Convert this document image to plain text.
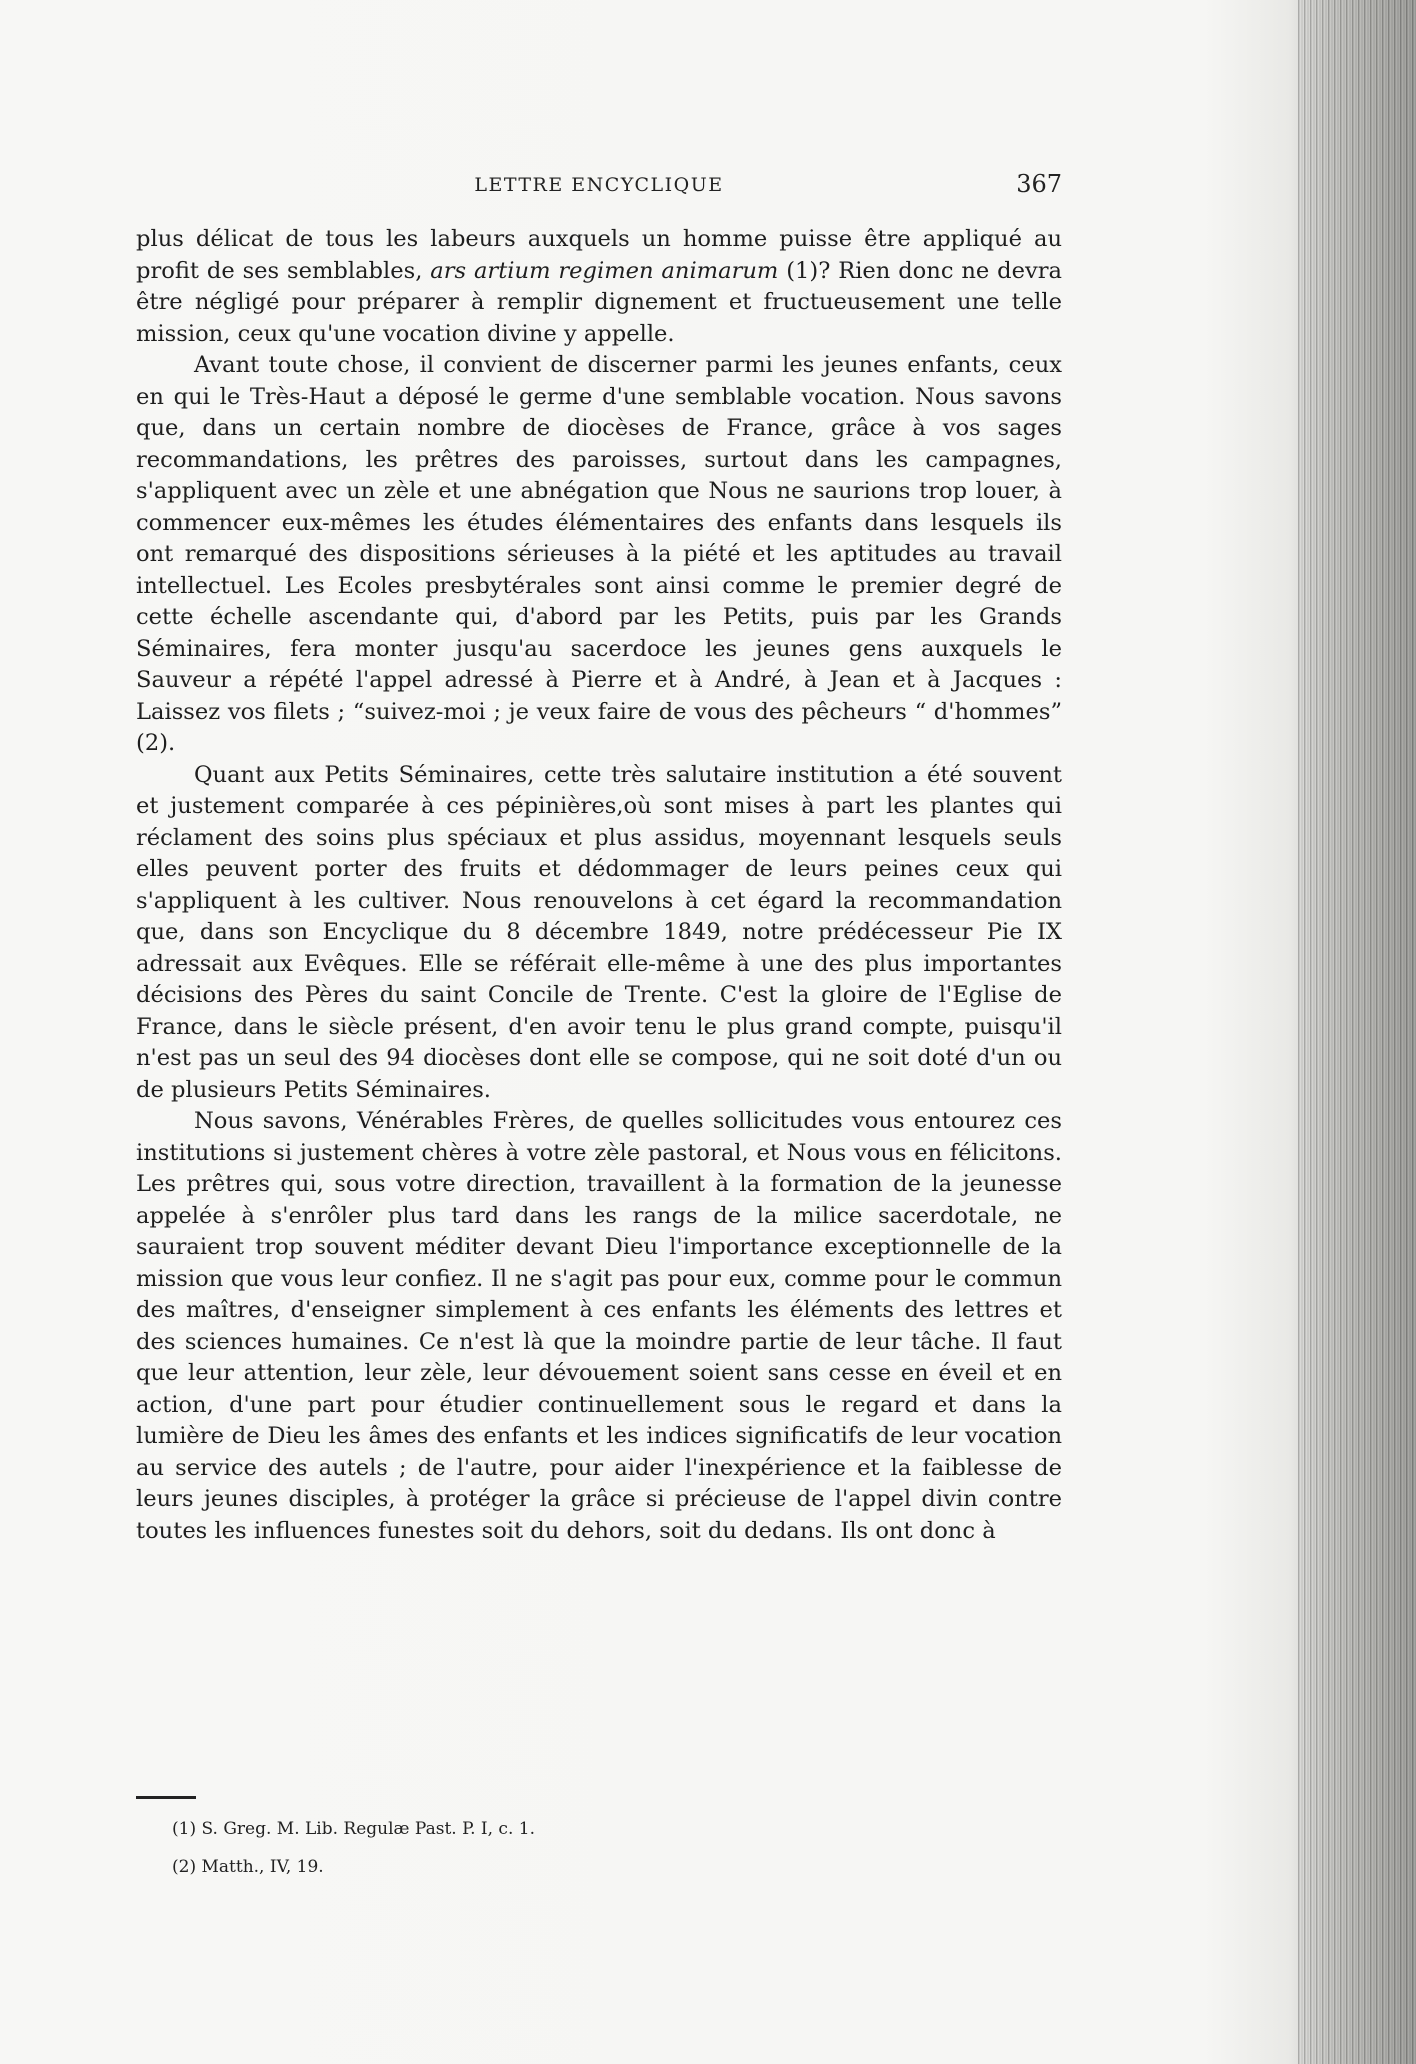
LETTRE ENCYCLIQUE	367

plus délicat de tous les labeurs auxquels un homme puisse être appliqué au profit de ses semblables, ars artium regimen animarum (1)? Rien donc ne devra être négligé pour préparer à remplir dignement et fructueusement une telle mission, ceux qu'une vocation divine y appelle.

Avant toute chose, il convient de discerner parmi les jeunes enfants, ceux en qui le Très-Haut a déposé le germe d'une semblable vocation. Nous savons que, dans un certain nombre de diocèses de France, grâce à vos sages recommandations, les prêtres des paroisses, surtout dans les campagnes, s'appliquent avec un zèle et une abnégation que Nous ne saurions trop louer, à commencer eux-mêmes les études élémentaires des enfants dans lesquels ils ont remarqué des dispositions sérieuses à la piété et les aptitudes au travail intellectuel. Les Ecoles presbytérales sont ainsi comme le premier degré de cette échelle ascendante qui, d'abord par les Petits, puis par les Grands Séminaires, fera monter jusqu'au sacerdoce les jeunes gens auxquels le Sauveur a répété l'appel adressé à Pierre et à André, à Jean et à Jacques : Laissez vos filets ; “suivez-moi ; je veux faire de vous des pêcheurs “ d'hommes” (2).

Quant aux Petits Séminaires, cette très salutaire institution a été souvent et justement comparée à ces pépinières,où sont mises à part les plantes qui réclament des soins plus spéciaux et plus assidus, moyennant lesquels seuls elles peuvent porter des fruits et dédommager de leurs peines ceux qui s'appliquent à les cultiver. Nous renouvelons à cet égard la recommandation que, dans son Encyclique du 8 décembre 1849, notre prédécesseur Pie IX adressait aux Evêques. Elle se référait elle-même à une des plus importantes décisions des Pères du saint Concile de Trente. C'est la gloire de l'Eglise de France, dans le siècle présent, d'en avoir tenu le plus grand compte, puisqu'il n'est pas un seul des 94 diocèses dont elle se compose, qui ne soit doté d'un ou de plusieurs Petits Séminaires.

Nous savons, Vénérables Frères, de quelles sollicitudes vous entourez ces institutions si justement chères à votre zèle pastoral, et Nous vous en félicitons. Les prêtres qui, sous votre direction, travaillent à la formation de la jeunesse appelée à s'enrôler plus tard dans les rangs de la milice sacerdotale, ne sauraient trop souvent méditer devant Dieu l'importance exceptionnelle de la mission que vous leur confiez. Il ne s'agit pas pour eux, comme pour le commun des maîtres, d'enseigner simplement à ces enfants les éléments des lettres et des sciences humaines. Ce n'est là que la moindre partie de leur tâche. Il faut que leur attention, leur zèle, leur dévouement soient sans cesse en éveil et en action, d'une part pour étudier continuellement sous le regard et dans la lumière de Dieu les âmes des enfants et les indices significatifs de leur vocation au service des autels ; de l'autre, pour aider l'inexpérience et la faiblesse de leurs jeunes disciples, à protéger la grâce si précieuse de l'appel divin contre toutes les influences funestes soit du dehors, soit du dedans. Ils ont donc à

(1) S. Greg. M. Lib. Regulæ Past. P. I, c. 1.
(2) Matth., IV, 19.
